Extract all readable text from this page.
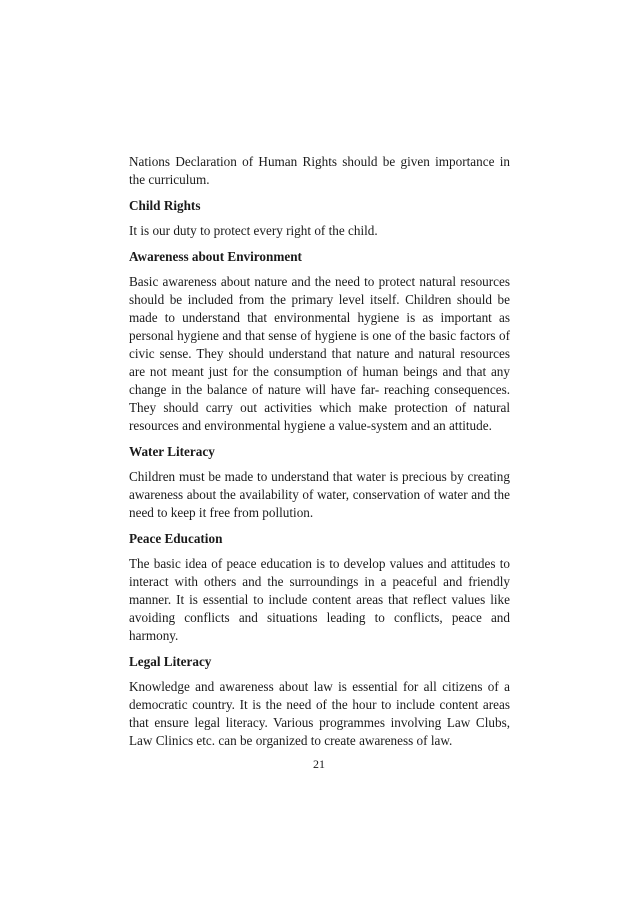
Nations Declaration of Human Rights should be given importance in the curriculum.

Child Rights

It is our duty to protect every right of the child.

Awareness about Environment

Basic awareness about nature and the need to protect natural resources should be included from the primary level itself. Children should be made to understand that environmental hygiene is as important as personal hygiene and that sense of hygiene is one of the basic factors of civic sense. They should understand that nature and natural resources are not meant just for the consumption of human beings and that any change in the balance of nature will have far- reaching consequences. They should carry out activities which make protection of natural resources and environmental hygiene a value-system and an attitude.

Water Literacy

Children must be made to understand that water is precious by creating awareness about the availability of water, conservation of water and the need to keep it free from pollution.

Peace Education

The basic idea of peace education is to develop values and attitudes to interact with others and the surroundings in a peaceful and friendly manner. It is essential to include content areas that reflect values like avoiding conflicts and situations leading to conflicts, peace and harmony.

Legal Literacy

Knowledge and awareness about law is essential for all citizens of a democratic country. It is the need of the hour to include content areas that ensure legal literacy. Various programmes involving Law Clubs, Law Clinics etc. can be organized to create awareness of law.

21
